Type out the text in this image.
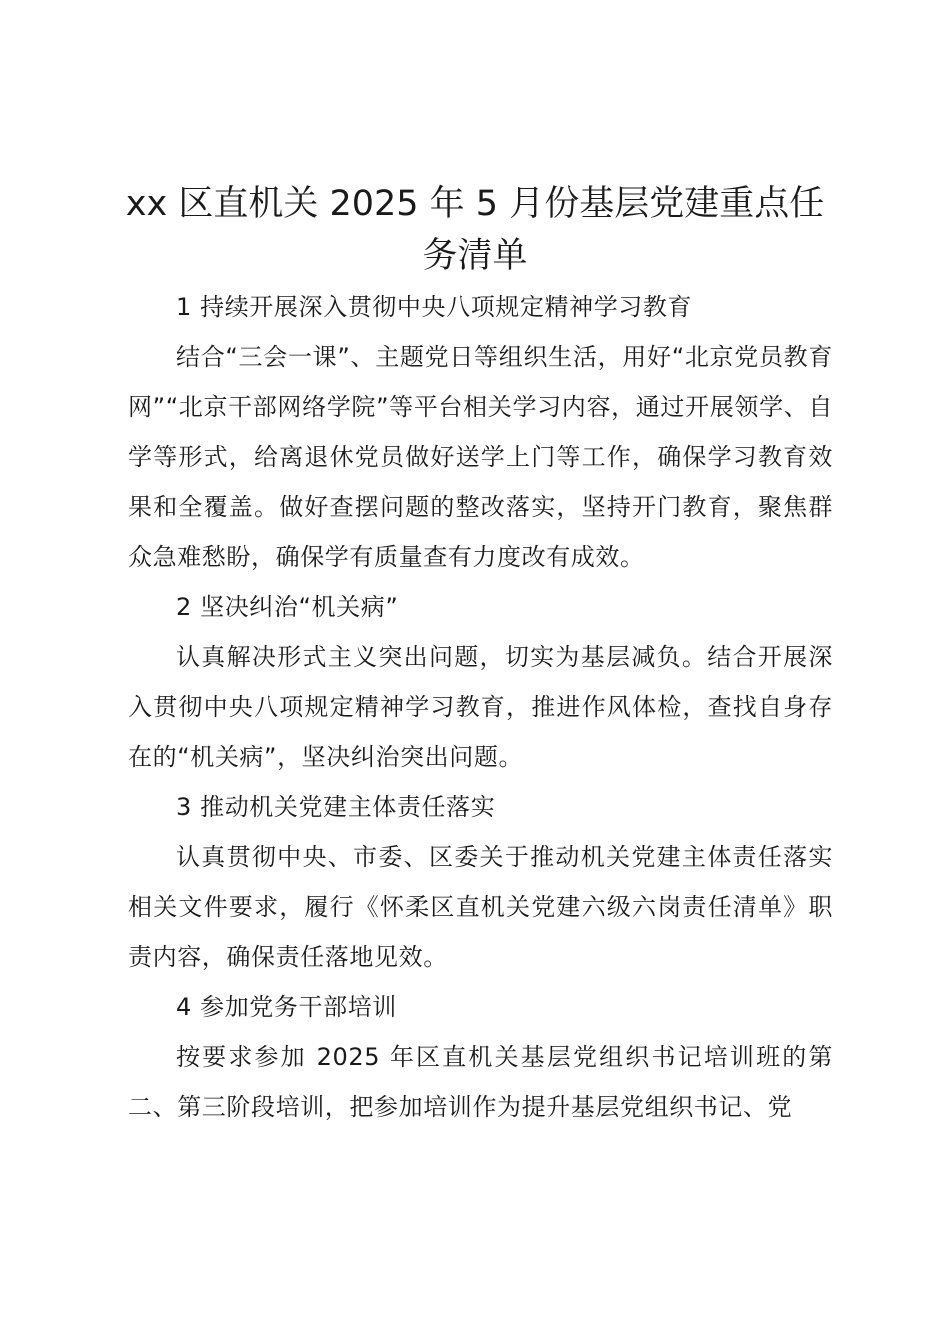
xx 区直机关 2025 年 5 月份基层党建重点任务清单

1 持续开展深入贯彻中央八项规定精神学习教育

结合“三会一课”、主题党日等组织生活，用好“北京党员教育网”“北京干部网络学院”等平台相关学习内容，通过开展领学、自学等形式，给离退休党员做好送学上门等工作，确保学习教育效果和全覆盖。做好查摆问题的整改落实，坚持开门教育，聚焦群众急难愁盼，确保学有质量查有力度改有成效。

2 坚决纠治“机关病”

认真解决形式主义突出问题，切实为基层减负。结合开展深入贯彻中央八项规定精神学习教育，推进作风体检，查找自身存在的“机关病”，坚决纠治突出问题。

3 推动机关党建主体责任落实

认真贯彻中央、市委、区委关于推动机关党建主体责任落实相关文件要求，履行《怀柔区直机关党建六级六岗责任清单》职责内容，确保责任落地见效。

4 参加党务干部培训

按要求参加 2025 年区直机关基层党组织书记培训班的第二、第三阶段培训，把参加培训作为提升基层党组织书记、党
